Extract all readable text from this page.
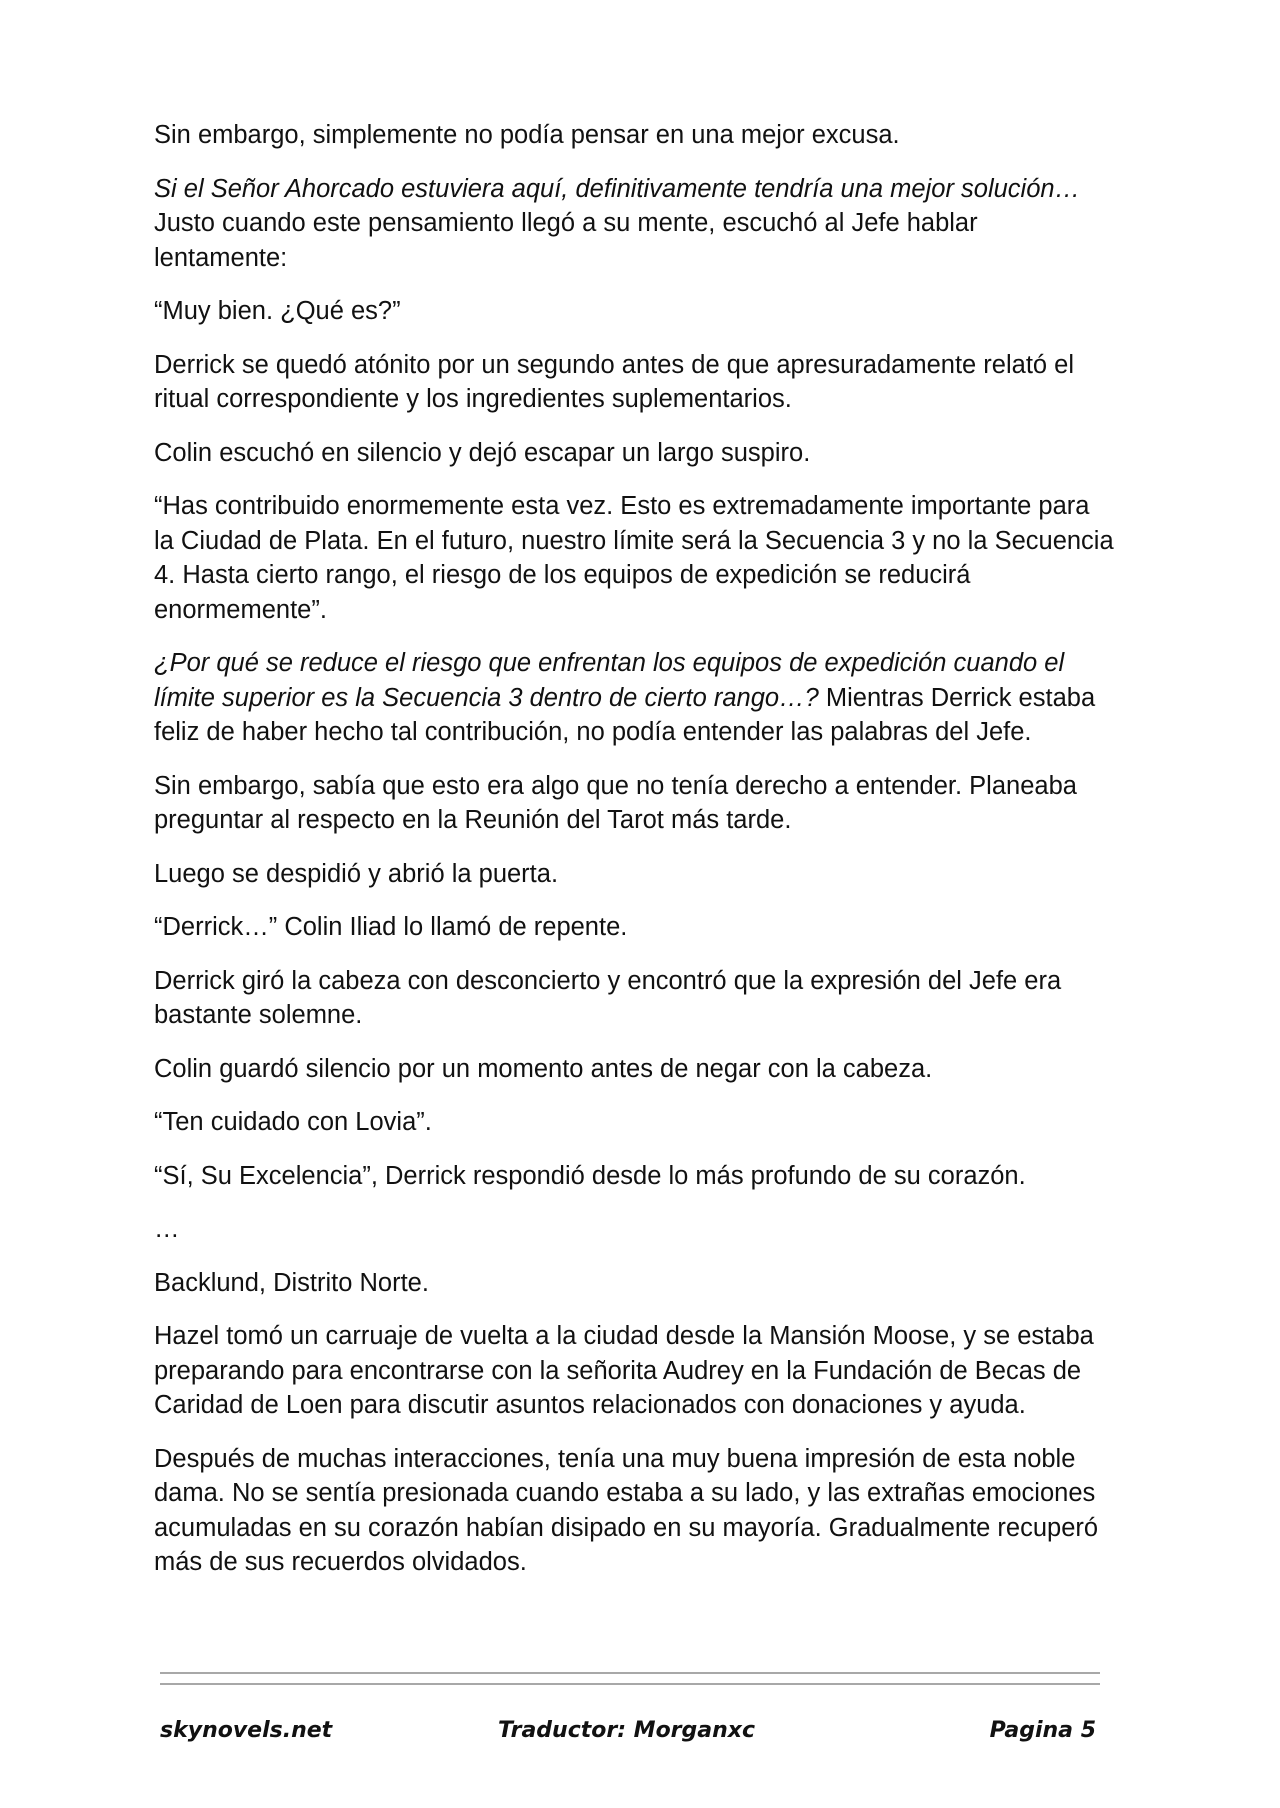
Sin embargo, simplemente no podía pensar en una mejor excusa.

Si el Señor Ahorcado estuviera aquí, definitivamente tendría una mejor solución… Justo cuando este pensamiento llegó a su mente, escuchó al Jefe hablar lentamente:

“Muy bien. ¿Qué es?”

Derrick se quedó atónito por un segundo antes de que apresuradamente relató el ritual correspondiente y los ingredientes suplementarios.

Colin escuchó en silencio y dejó escapar un largo suspiro.

“Has contribuido enormemente esta vez. Esto es extremadamente importante para la Ciudad de Plata. En el futuro, nuestro límite será la Secuencia 3 y no la Secuencia 4. Hasta cierto rango, el riesgo de los equipos de expedición se reducirá enormemente”.

¿Por qué se reduce el riesgo que enfrentan los equipos de expedición cuando el límite superior es la Secuencia 3 dentro de cierto rango…? Mientras Derrick estaba feliz de haber hecho tal contribución, no podía entender las palabras del Jefe.

Sin embargo, sabía que esto era algo que no tenía derecho a entender. Planeaba preguntar al respecto en la Reunión del Tarot más tarde.

Luego se despidió y abrió la puerta.

“Derrick…” Colin Iliad lo llamó de repente.

Derrick giró la cabeza con desconcierto y encontró que la expresión del Jefe era bastante solemne.

Colin guardó silencio por un momento antes de negar con la cabeza.

“Ten cuidado con Lovia”.

“Sí, Su Excelencia”, Derrick respondió desde lo más profundo de su corazón.

…

Backlund, Distrito Norte.

Hazel tomó un carruaje de vuelta a la ciudad desde la Mansión Moose, y se estaba preparando para encontrarse con la señorita Audrey en la Fundación de Becas de Caridad de Loen para discutir asuntos relacionados con donaciones y ayuda.

Después de muchas interacciones, tenía una muy buena impresión de esta noble dama. No se sentía presionada cuando estaba a su lado, y las extrañas emociones acumuladas en su corazón habían disipado en su mayoría. Gradualmente recuperó más de sus recuerdos olvidados.

skynovels.net	Traductor: Morganxc	Pagina 5
